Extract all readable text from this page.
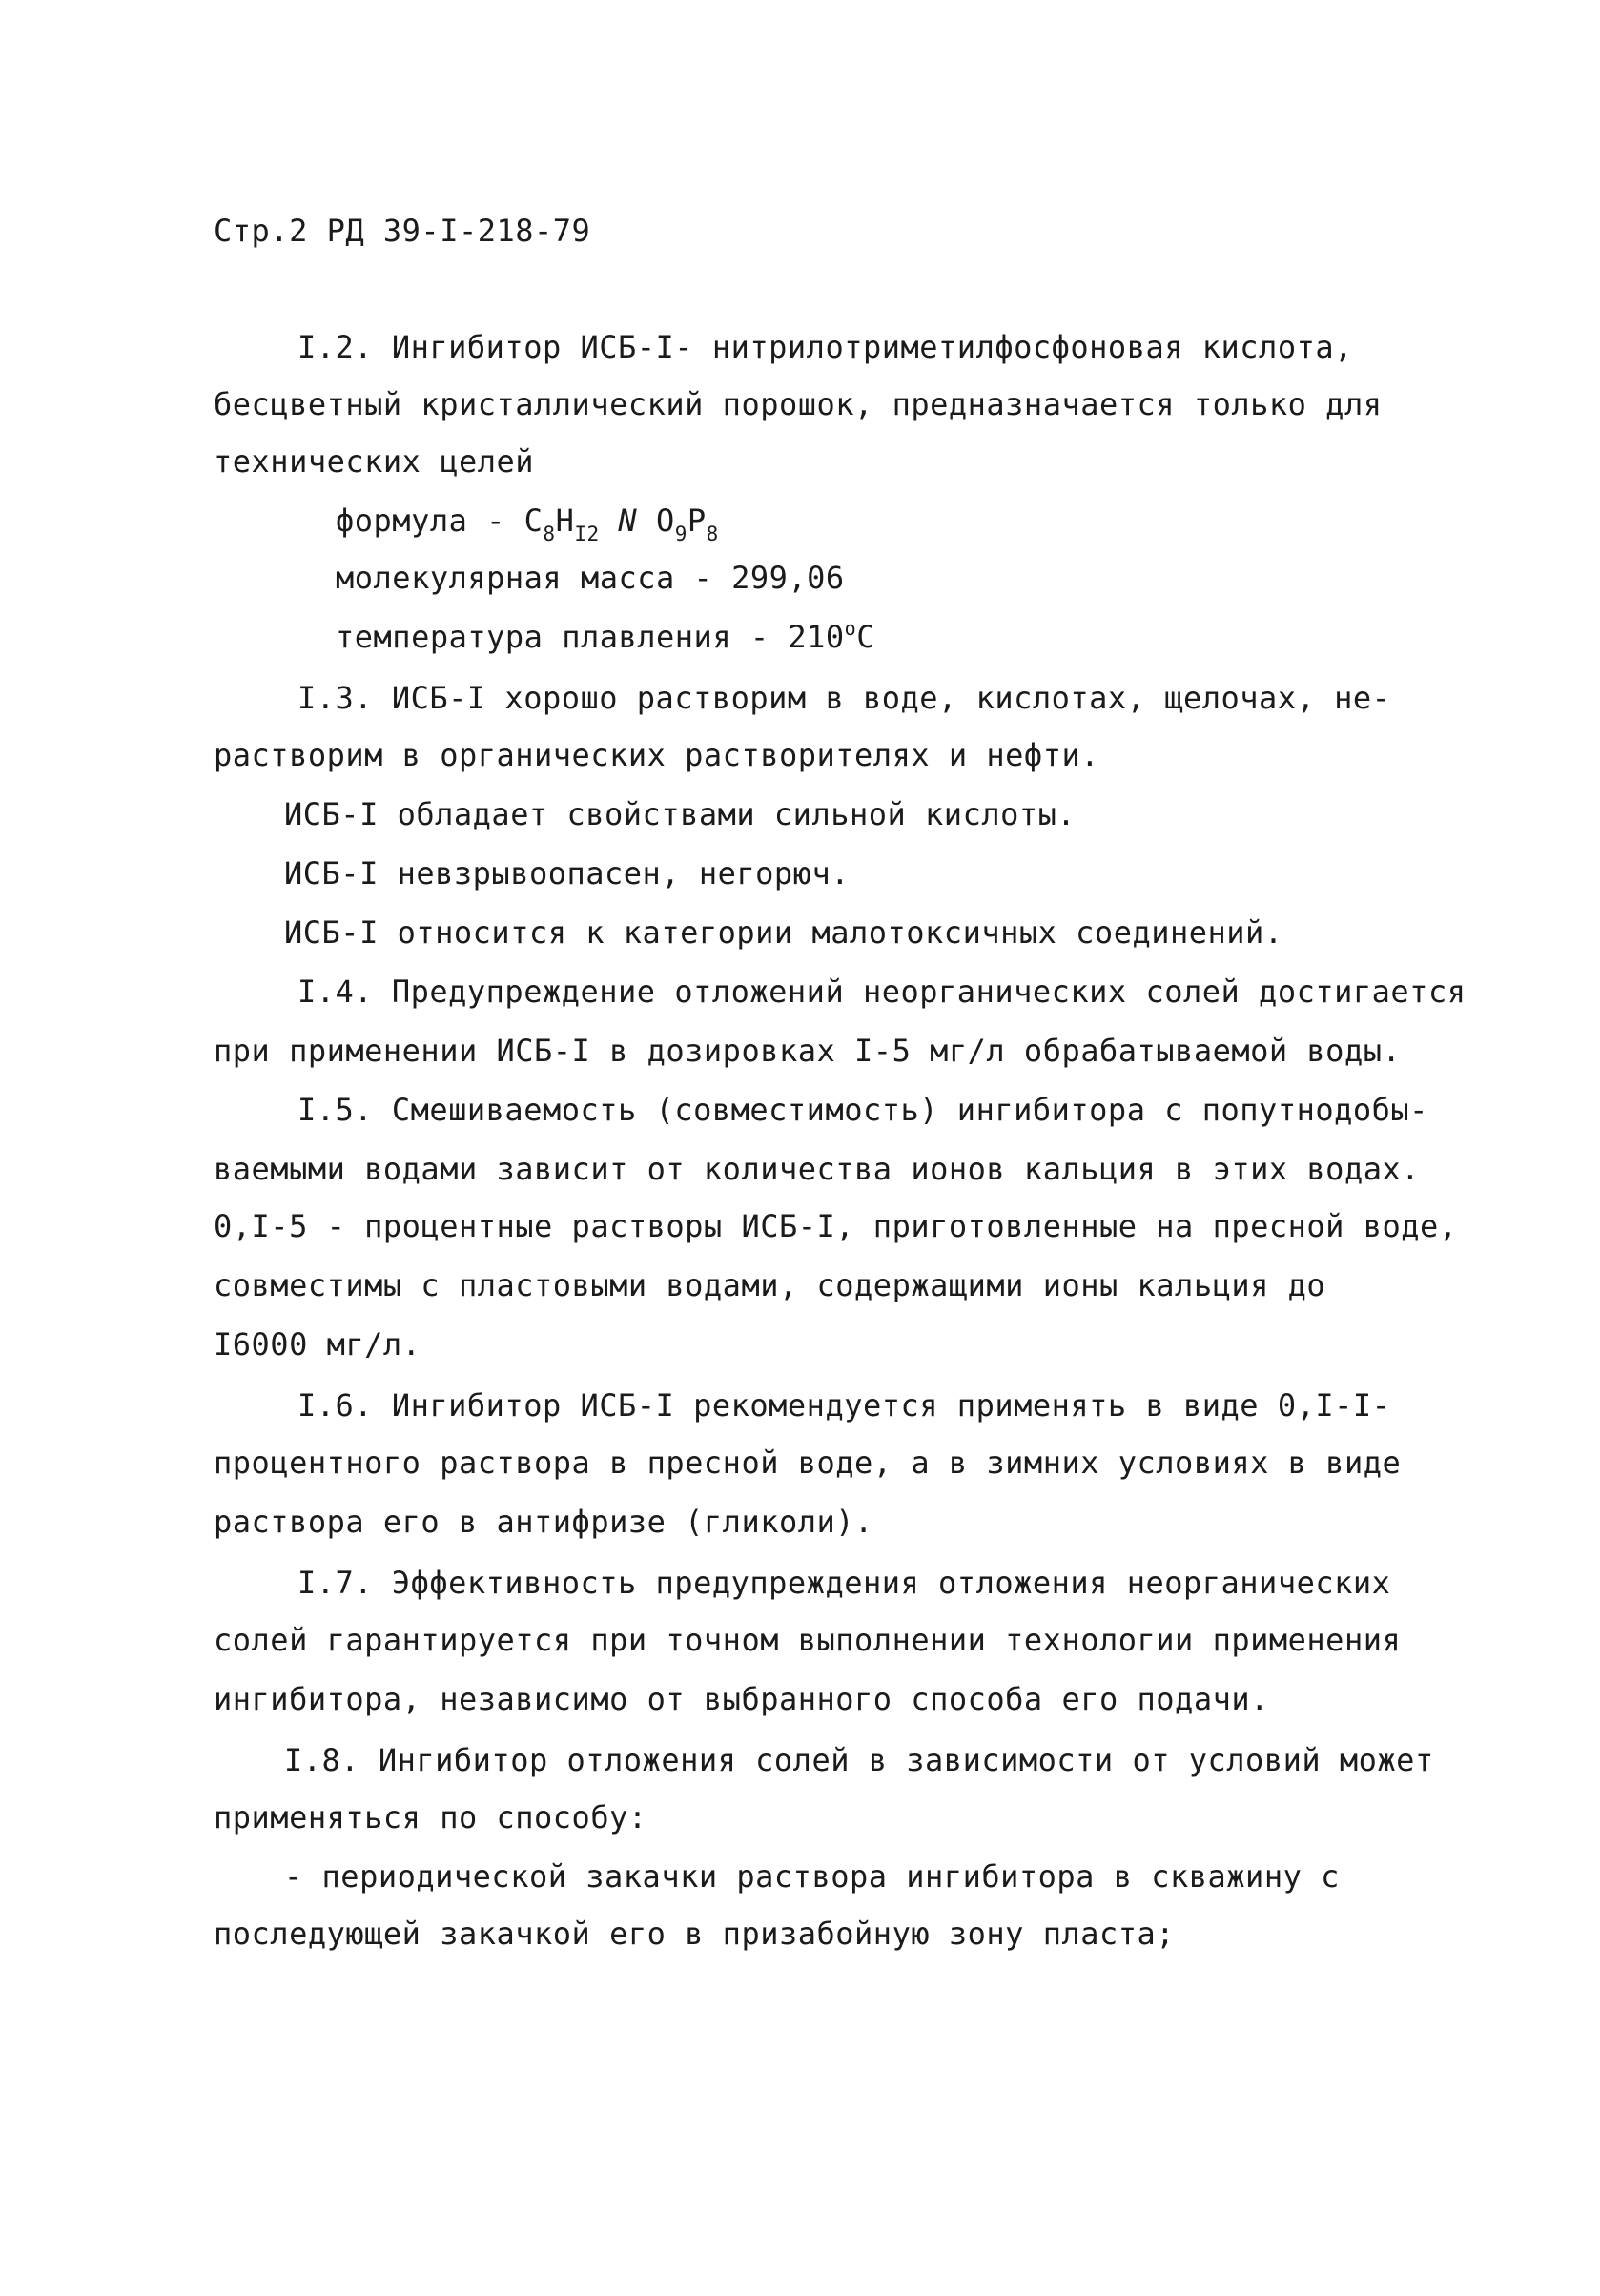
Стр.2 РД 39-I-218-79
I.2. Ингибитор ИСБ-I- нитрилотриметилфосфоновая кислота,
бесцветный кристаллический порошок, предназначается только для
технических целей
формула - $C_8H_{I2}$ N $O_9P_8$
молекулярная масса - 299,06
температура плавления - 210$^o$C
I.3. ИСБ-I хорошо растворим в воде, кислотах, щелочах, не-
растворим в органических растворителях и нефти.
ИСБ-I обладает свойствами сильной кислоты.
ИСБ-I невзрывоопасен, негорюч.
ИСБ-I относится к категории малотоксичных соединений.
I.4. Предупреждение отложений неорганических солей достигается
при применении ИСБ-I в дозировках I-5 мг/л обрабатываемой воды.
I.5. Смешиваемость (совместимость) ингибитора с попутнодобы-
ваемыми водами зависит от количества ионов кальция в этих водах.
0,I-5 - процентные растворы ИСБ-I, приготовленные на пресной воде,
совместимы с пластовыми водами, содержащими ионы кальция до
I6000 мг/л.
I.6. Ингибитор ИСБ-I рекомендуется применять в виде 0,I-I-
процентного раствора в пресной воде, а в зимних условиях в виде
раствора его в антифризе (гликоли).
I.7. Эффективность предупреждения отложения неорганических
солей гарантируется при точном выполнении технологии применения
ингибитора, независимо от выбранного способа его подачи.
I.8. Ингибитор отложения солей в зависимости от условий может
применяться по способу:
- периодической закачки раствора ингибитора в скважину с
последующей закачкой его в призабойную зону пласта;
